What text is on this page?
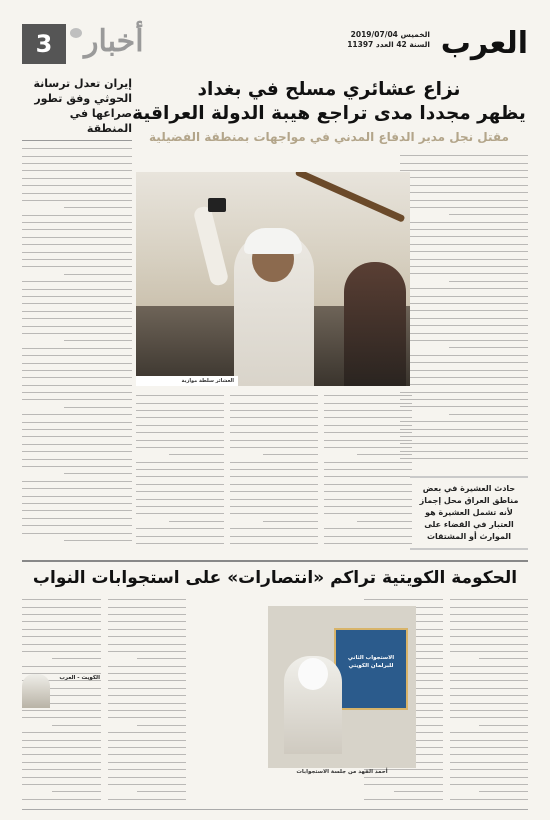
العرب
الخميس 2019/07/04
السنة 42 العدد 11397
أخبار
3
نزاع عشائري مسلح في بغداد
يظهر مجددا مدى تراجع هيبة الدولة العراقية
مقتل نجل مدير الدفاع المدني في مواجهات بمنطقة الفضيلية
إيران تعدل ترسانة الحوثي وفق تطور صراعها في المنطقة
العشائر سلطة موازية
حادث العشيرة في بعض مناطق العراق محل إجماز لأنه تشمل العشيرة هو العتبار في القضاء على الموارث أو المشتقات
الحكومة الكويتية تراكم «انتصارات» على استجوابات النواب
الاستجواب الثاني للبرلمان الكويتي
أحمد الفهد من جلسة الاستجوابات
الكويت - العرب
